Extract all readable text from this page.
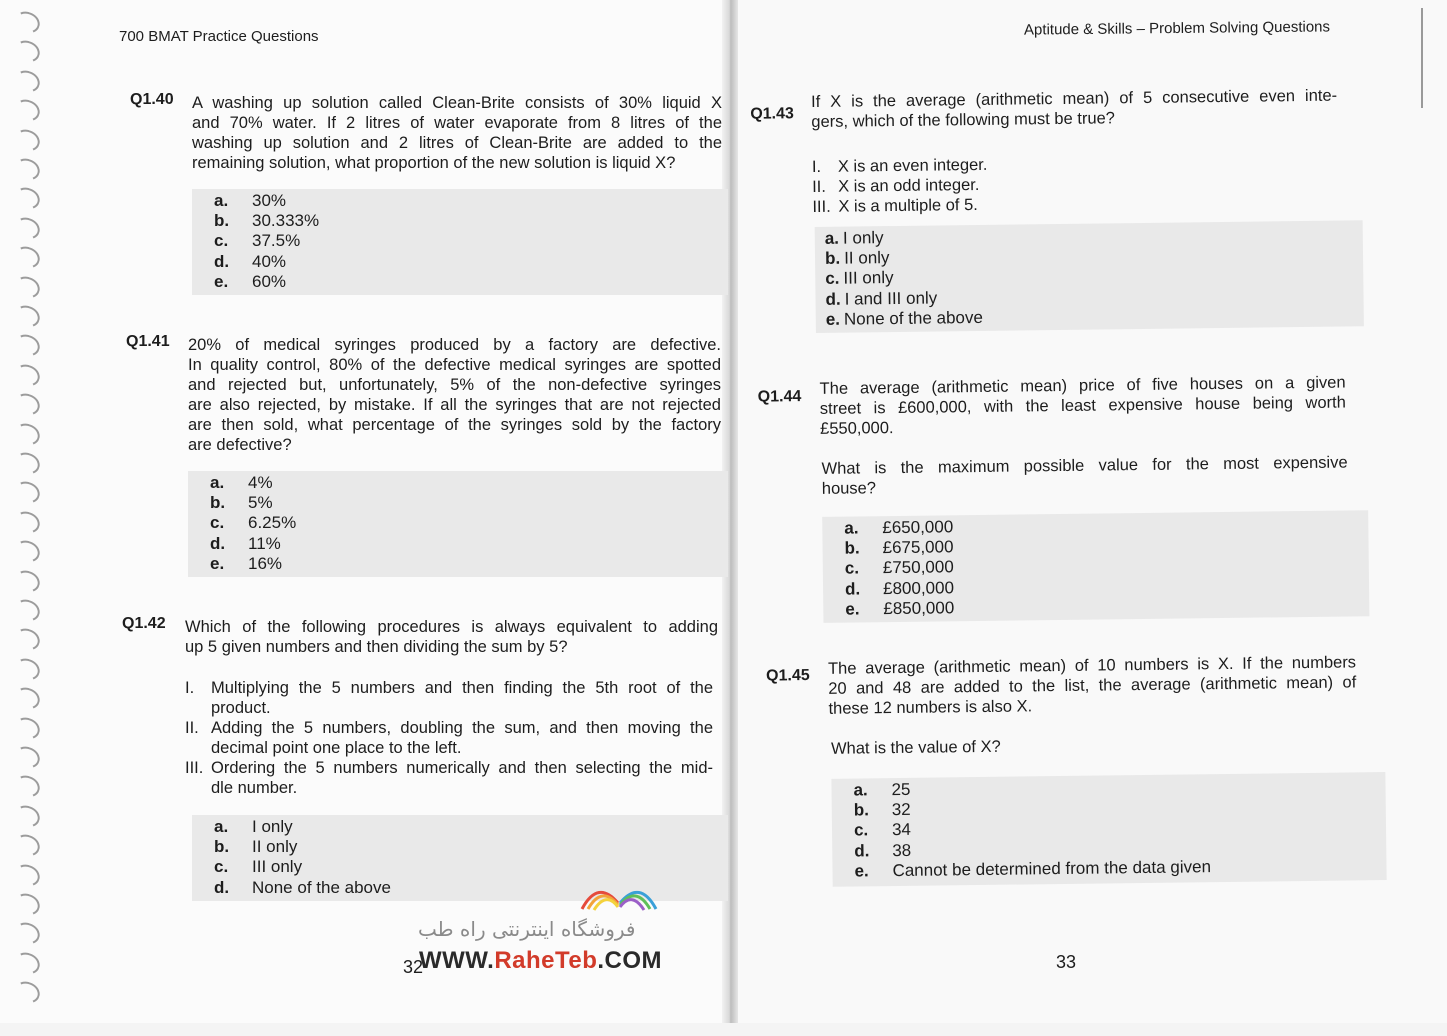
700 BMAT Practice Questions
Q1.40 A washing up solution called Clean-Brite consists of 30% liquid X
and 70% water. If 2 litres of water evaporate from 8 litres of the
washing up solution and 2 litres of Clean-Brite are added to the
remaining solution, what proportion of the new solution is liquid X?
a.	30%
b.	30.333%
c.	37.5%
d.	40%
e.	60%
Q1.41 20% of medical syringes produced by a factory are defective.
In quality control, 80% of the defective medical syringes are spotted
and rejected but, unfortunately, 5% of the non-defective syringes
are also rejected, by mistake. If all the syringes that are not rejected
are then sold, what percentage of the syringes sold by the factory
are defective?
a.	4%
b.	5%
c.	6.25%
d.	11%
e.	16%
Q1.42 Which of the following procedures is always equivalent to adding
up 5 given numbers and then dividing the sum by 5?
I. Multiplying the 5 numbers and then finding the 5th root of the
product.
II. Adding the 5 numbers, doubling the sum, and then moving the
decimal point one place to the left.
III. Ordering the 5 numbers numerically and then selecting the mid-
dle number.
a.	I only
b.	II only
c.	III only
d.	None of the above
فروشگاه اینترنتی راه طب
32
WWW.RaheTeb.COM
Aptitude & Skills – Problem Solving Questions
Q1.43
If X is the average (arithmetic mean) of 5 consecutive even inte-
gers, which of the following must be true?
I. X is an even integer.
II. X is an odd integer.
III. X is a multiple of 5.
a. I only
b. II only
c. III only
d. I and III only
e. None of the above
Q1.44 The average (arithmetic mean) price of five houses on a given
street is £600,000, with the least expensive house being worth
£550,000.
What is the maximum possible value for the most expensive
house?
a.	£650,000
b.	£675,000
c.	£750,000
d.	£800,000
e.	£850,000
Q1.45 The average (arithmetic mean) of 10 numbers is X. If the numbers
20 and 48 are added to the list, the average (arithmetic mean) of
these 12 numbers is also X.
What is the value of X?
a.	25
b.	32
c.	34
d.	38
e.	Cannot be determined from the data given
33
